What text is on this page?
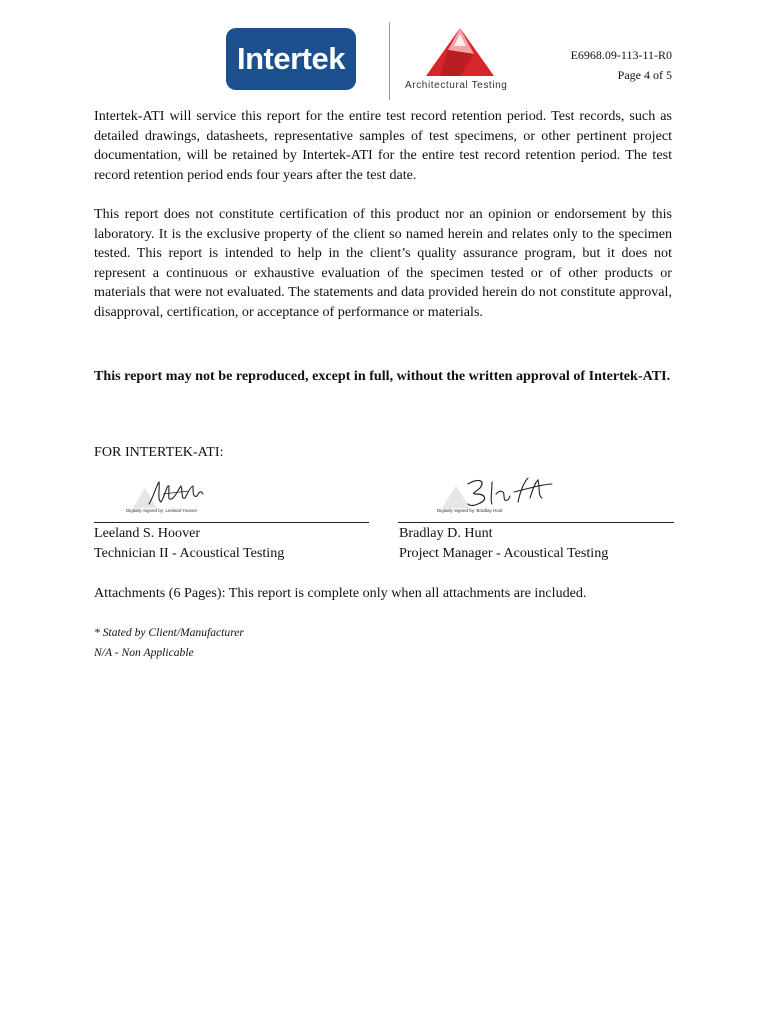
Intertek
Architectural Testing
E6968.09-113-11-R0
Page 4 of 5

Intertek-ATI will service this report for the entire test record retention period. Test records, such as detailed drawings, datasheets, representative samples of test specimens, or other pertinent project documentation, will be retained by Intertek-ATI for the entire test record retention period. The test record retention period ends four years after the test date.

This report does not constitute certification of this product nor an opinion or endorsement by this laboratory. It is the exclusive property of the client so named herein and relates only to the specimen tested. This report is intended to help in the client’s quality assurance program, but it does not represent a continuous or exhaustive evaluation of the specimen tested or of other products or materials that were not evaluated. The statements and data provided herein do not constitute approval, disapproval, certification, or acceptance of performance or materials.

This report may not be reproduced, except in full, without the written approval of Intertek-ATI.

FOR INTERTEK-ATI:
Digitally Signed by: Leeland Hoover	Digitally Signed by: Bradlay Hunt
Leeland S. Hoover
Technician II - Acoustical Testing
Bradlay D. Hunt
Project Manager - Acoustical Testing
Attachments (6 Pages): This report is complete only when all attachments are included.
* Stated by Client/Manufacturer
N/A - Non Applicable
